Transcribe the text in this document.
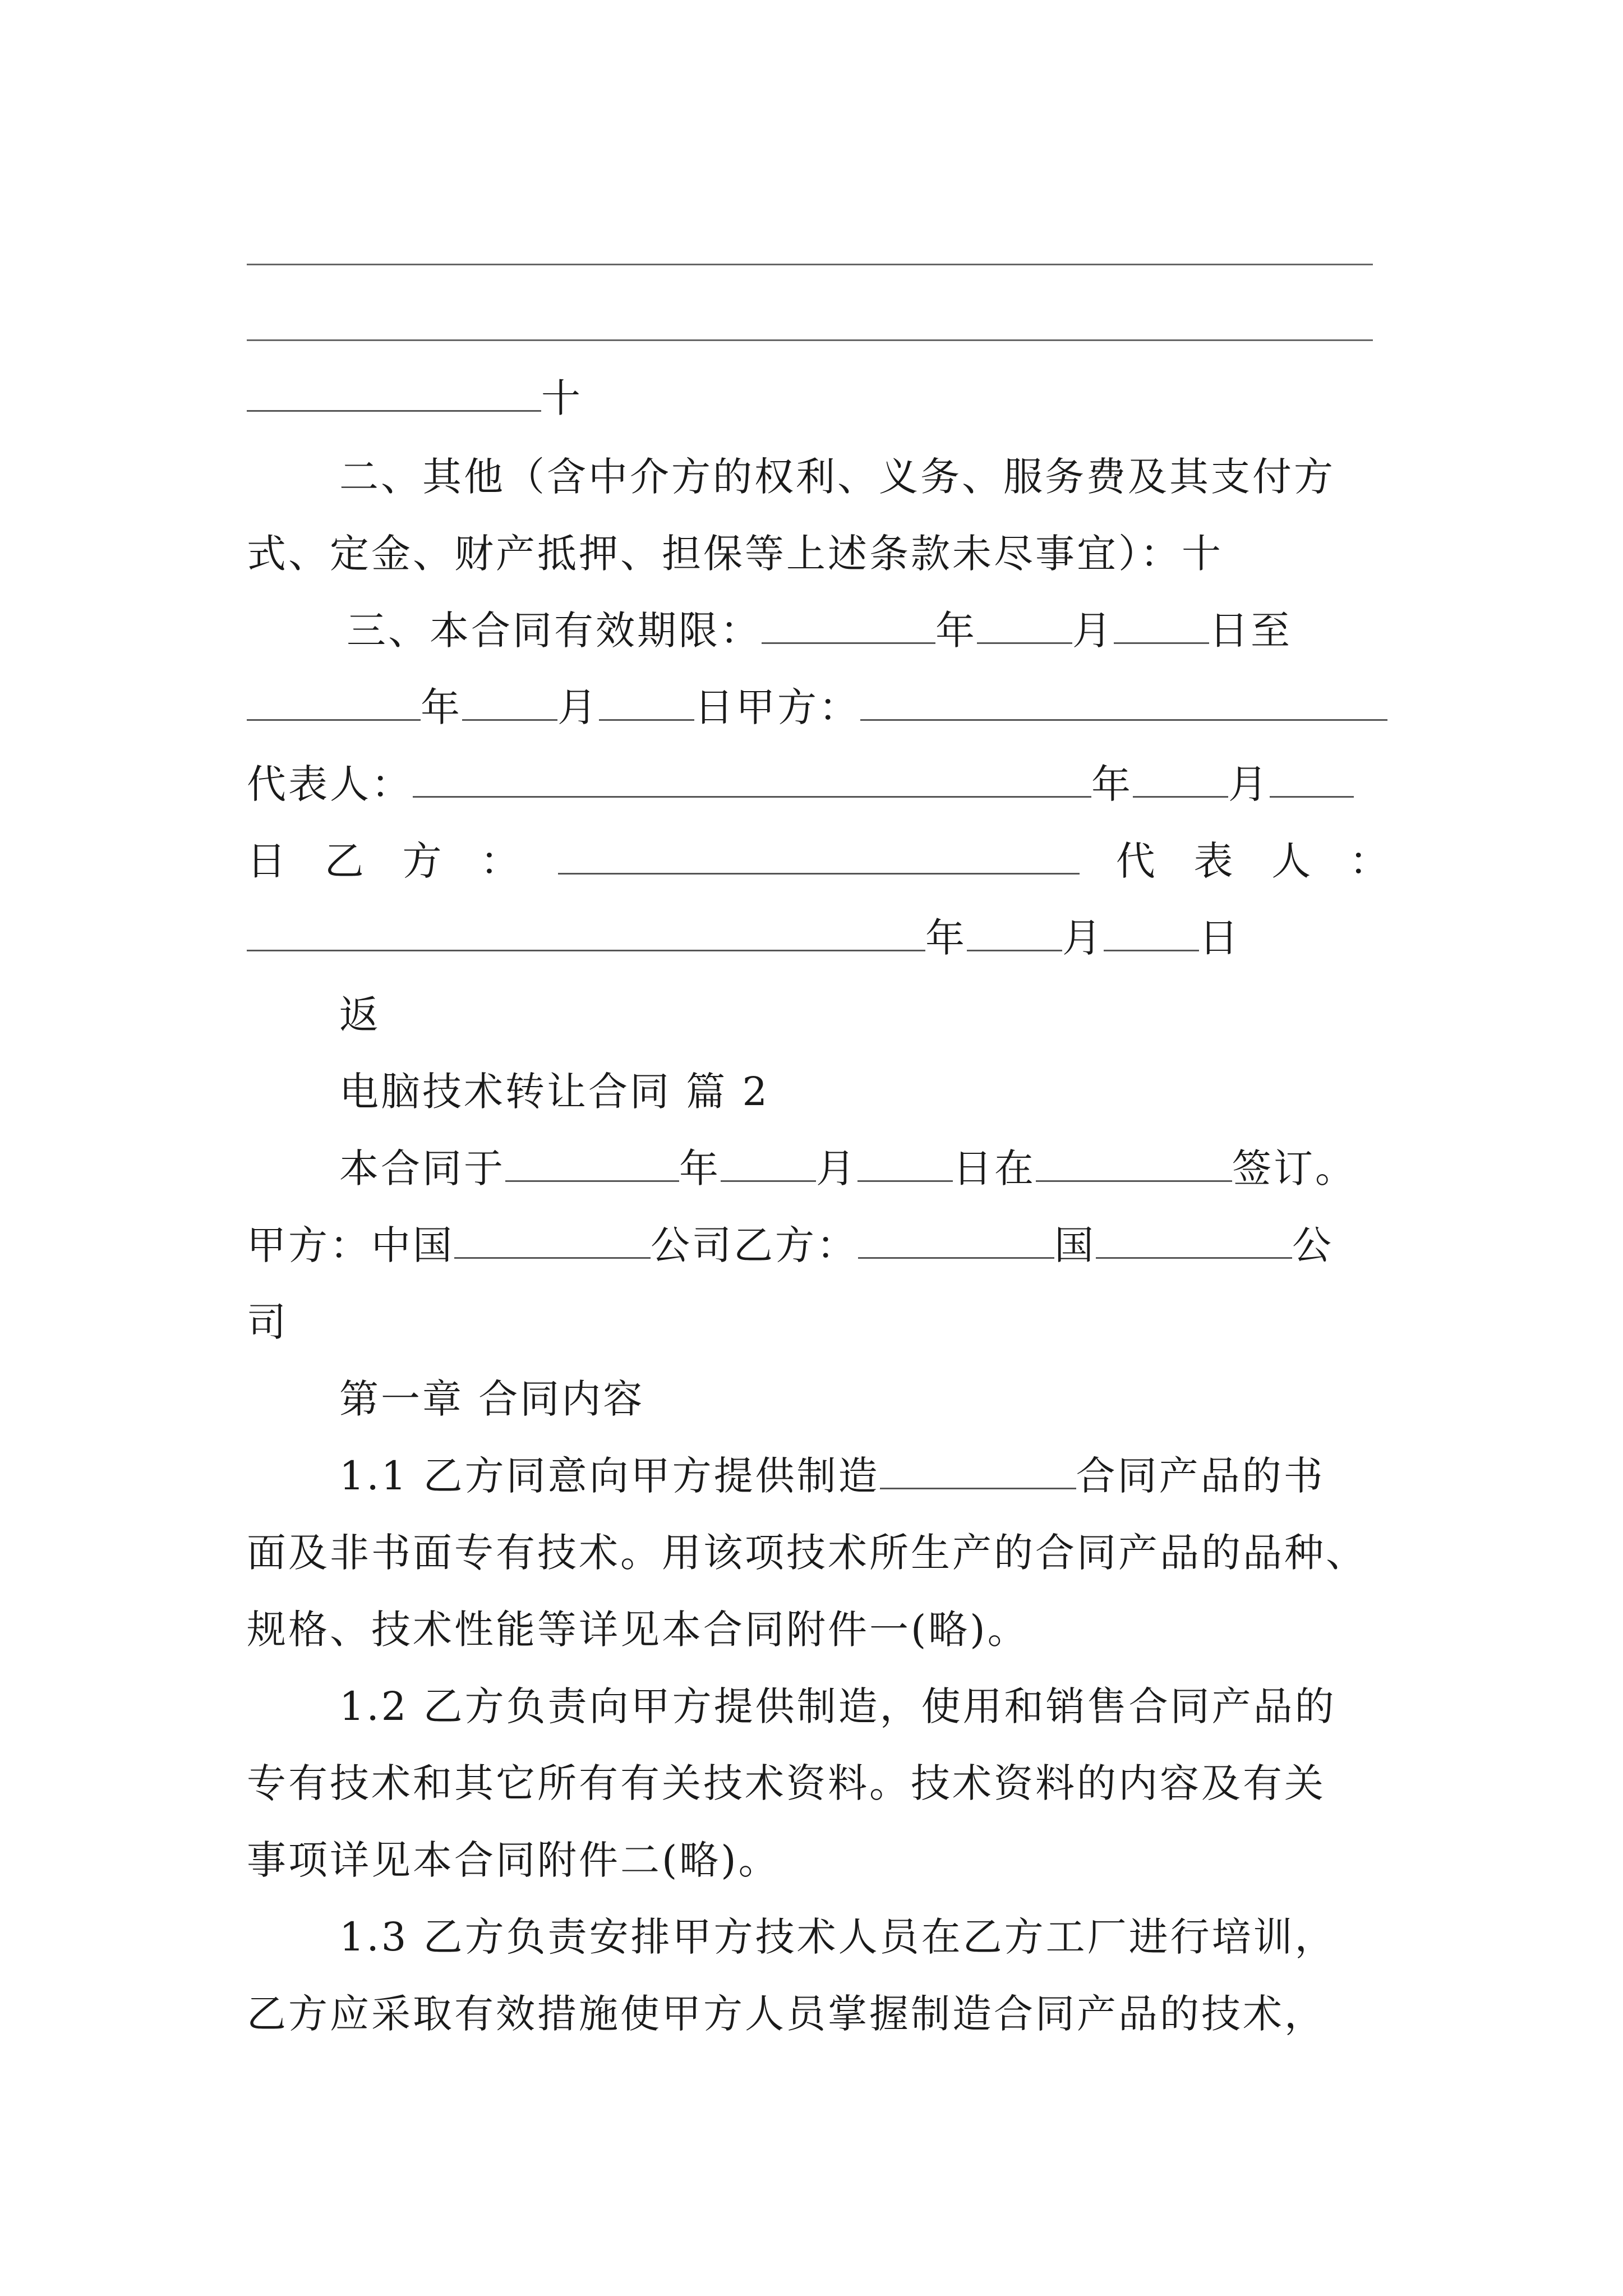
十
二、其他（含中介方的权利、义务、服务费及其支付方
式、定金、财产抵押、担保等上述条款未尽事宜）：十
三、本合同有效期限：	年 月 日至
年 月 日甲方：
代表人：	年 月
日 乙 方 ：	代 表 人 ：
年 月 日
返
电脑技术转让合同 篇 2
本合同于	年 月 日在	签订。
甲方：中国	公司乙方：	国	公
司
第一章 合同内容
1.1 乙方同意向甲方提供制造	合同产品的书
面及非书面专有技术。用该项技术所生产的合同产品的品种、
规格、技术性能等详见本合同附件一(略)。
1.2 乙方负责向甲方提供制造，使用和销售合同产品的
专有技术和其它所有有关技术资料。技术资料的内容及有关
事项详见本合同附件二(略)。
1.3 乙方负责安排甲方技术人员在乙方工厂进行培训，
乙方应采取有效措施使甲方人员掌握制造合同产品的技术，
